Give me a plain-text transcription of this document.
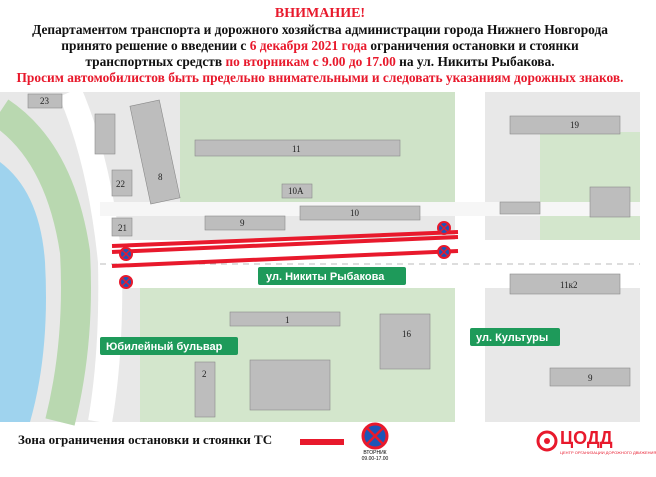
ВНИМАНИЕ!
Департаментом транспорта и дорожного хозяйства администрации города Нижнего Новгорода
принято решение о введении с 6 декабря 2021 года ограничения остановки и стоянки
транспортных средств по вторникам с 9.00 до 17.00 на ул. Никиты Рыбакова.
Просим автомобилистов быть предельно внимательными и следовать указаниям дорожных знаков.
23
11
19
22
8
10А
21	9
10
11к2
1
16
2	9
ул. Никиты Рыбакова
Юбилейный бульвар
ул. Культуры
Зона ограничения остановки и стоянки ТС
ВТОРНИК
09.00-17.00
ЦОДД
ЦЕНТР ОРГАНИЗАЦИИ ДОРОЖНОГО ДВИЖЕНИЯ
